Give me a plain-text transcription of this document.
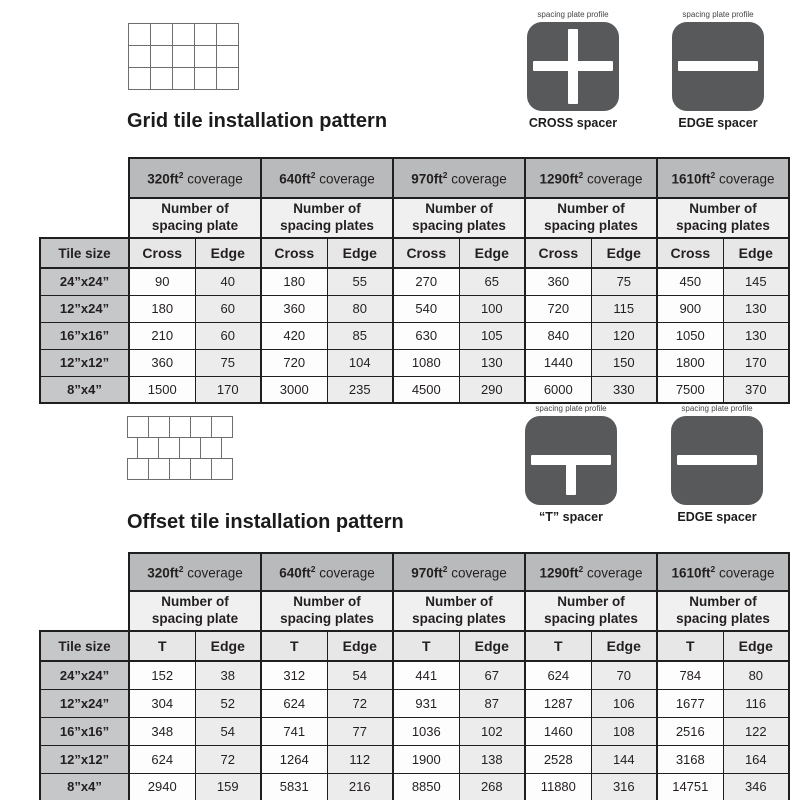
Grid tile installation pattern
spacing plate profile
CROSS spacer
spacing plate profile
EDGE spacer
	$320ft^2$ coverage		$640ft^2$ coverage		$970ft^2$ coverage		$1290ft^2$ coverage		$1610ft^2$ coverage	

Number of
spacing plate

Number of
spacing plates

Number of
spacing plates

Number of
spacing plates

Number of
spacing plates

Tile size	Cross	Edge	Cross	Edge	Cross	Edge	Cross	Edge	Cross	Edge
24”x24”	90	40	180	55	270	65	360	75	450	145
12”x24”	180	60	360	80	540	100	720	115	900	130
16”x16”	210	60	420	85	630	105	840	120	1050	130
12”x12”	360	75	720	104	1080	130	1440	150	1800	170
8”x4”	1500	170	3000	235	4500	290	6000	330	7500	370
Offset tile installation pattern
spacing plate profile
“T” spacer
spacing plate profile
EDGE spacer
	$320ft^2$ coverage		$640ft^2$ coverage		$970ft^2$ coverage		$1290ft^2$ coverage		$1610ft^2$ coverage	

Number of
spacing plate

Number of
spacing plates

Number of
spacing plates

Number of
spacing plates

Number of
spacing plates

Tile size	T	Edge	T	Edge	T	Edge	T	Edge	T	Edge
24”x24”	152	38	312	54	441	67	624	70	784	80
12”x24”	304	52	624	72	931	87	1287	106	1677	116
16”x16”	348	54	741	77	1036	102	1460	108	2516	122
12”x12”	624	72	1264	112	1900	138	2528	144	3168	164
8”x4”	2940	159	5831	216	8850	268	11880	316	14751	346
